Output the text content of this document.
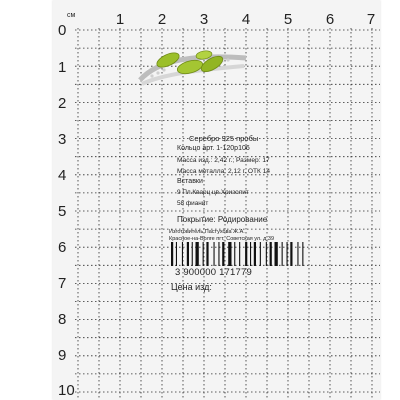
см	1 2 3 4 5 6 7
0
1
2
3
4
5
6
7
8
9
10
Серебро 925 пробы
Кольцо арт. 1-120р106
Масса изд.: 2,42 г.; Размер: 17
Масса металла: 2,12 г. ОТК 14
Вставки
9 Пл.Кварц цв.Хризолит
58 фианит
Покрытие: Родирование
Изготовитель Пастухова Ж.А.
Красное-на-Волге пгт, Советская ул. д.39
3 900000 171779
Цена изд:
